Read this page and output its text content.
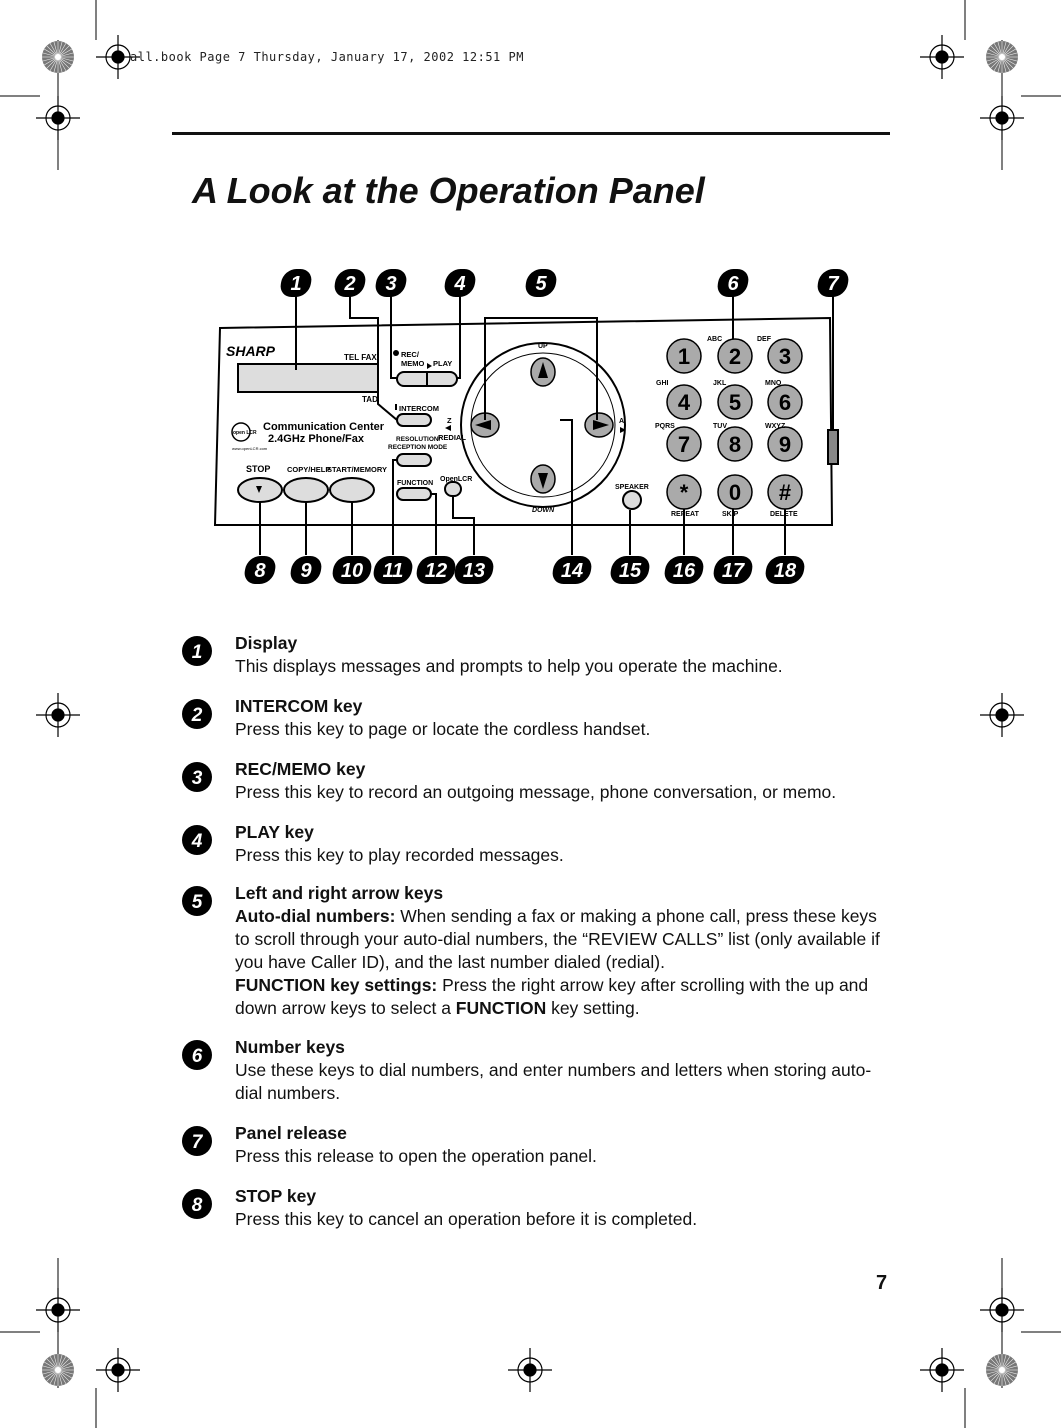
all.book Page 7 Thursday, January 17, 2002 12:51 PM
A Look at the Operation Panel
SHARP	TEL FAX
TAD
open LCR Communication Center
2.4GHz Phone/Fax
www.openLCR.com
REC/ MEMO PLAY
INTERCOM
Z
REDIAL
RESOLUTION/ RECEPTION MODE
FUNCTION
OpenLCR
UP
DOWN
A
SPEAKER
STOP COPY/HELP
START/MEMORY
REPEAT	SKIP	DELETE
1 2 3
4 5 6
7 8 9
* 0 #
ABC	DEF
GHI	JKL	MNO
PQRS	TUV	WXYZ
1 2 3	4	5	6	7
8 9 10 11 12 13	14 15 16 17 18
1 Display
This displays messages and prompts to help you operate the machine.
2 INTERCOM key
Press this key to page or locate the cordless handset.
3 REC/MEMO key
Press this key to record an outgoing message, phone conversation, or memo.
4 PLAY key
Press this key to play recorded messages.
5 Left and right arrow keys
Auto-dial numbers: When sending a fax or making a phone call, press these keys to scroll through your auto-dial numbers, the “REVIEW CALLS” list (only available if you have Caller ID), and the last number dialed (redial).
FUNCTION key settings: Press the right arrow key after scrolling with the up and down arrow keys to select a FUNCTION key setting.
6 Number keys
Use these keys to dial numbers, and enter numbers and letters when storing auto-dial numbers.
7 Panel release
Press this release to open the operation panel.
8 STOP key
Press this key to cancel an operation before it is completed.
7
